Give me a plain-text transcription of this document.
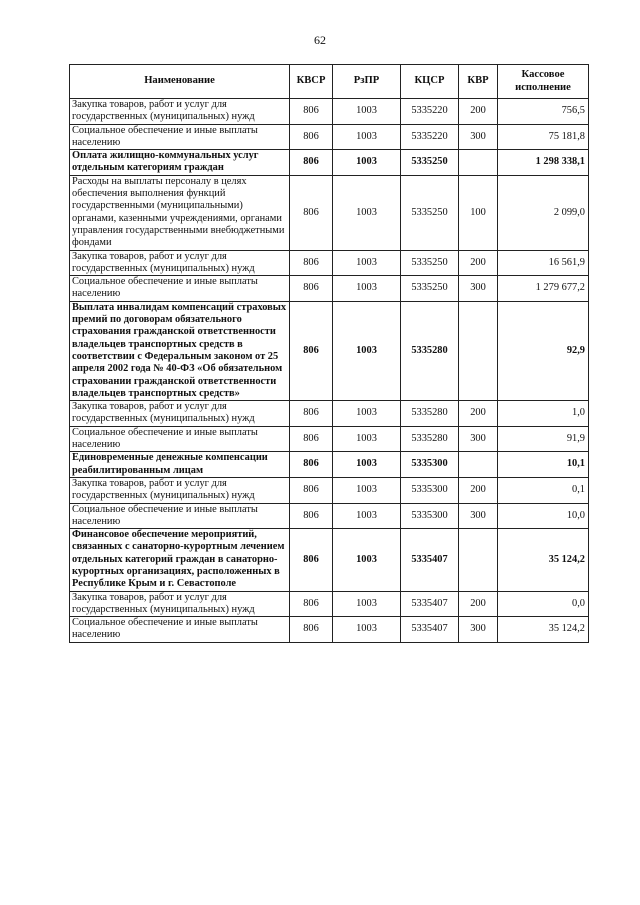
62
Наименование	КВСР	РзПР	КЦСР	КВР	Кассовое исполнение
Закупка товаров, работ и услуг для государственных (муниципальных) нужд	806	1003	5335220	200	756,5
Социальное обеспечение и иные выплаты населению	806	1003	5335220	300	75 181,8
Оплата жилищно-коммунальных услуг отдельным категориям граждан	806	1003	5335250		1 298 338,1
Расходы на выплаты персоналу в целях обеспечения выполнения функций государственными (муниципальными) органами, казенными учреждениями, органами управления государственными внебюджетными фондами	806	1003	5335250	100	2 099,0
Закупка товаров, работ и услуг для государственных (муниципальных) нужд	806	1003	5335250	200	16 561,9
Социальное обеспечение и иные выплаты населению	806	1003	5335250	300	1 279 677,2
Выплата инвалидам компенсаций страховых премий по договорам обязательного страхования гражданской ответственности владельцев транспортных средств в соответствии с Федеральным законом от 25 апреля 2002 года № 40-ФЗ «Об обязательном страховании гражданской ответственности владельцев транспортных средств»	806	1003	5335280		92,9
Закупка товаров, работ и услуг для государственных (муниципальных) нужд	806	1003	5335280	200	1,0
Социальное обеспечение и иные выплаты населению	806	1003	5335280	300	91,9
Единовременные денежные компенсации реабилитированным лицам	806	1003	5335300		10,1
Закупка товаров, работ и услуг для государственных (муниципальных) нужд	806	1003	5335300	200	0,1
Социальное обеспечение и иные выплаты населению	806	1003	5335300	300	10,0
Финансовое обеспечение мероприятий, связанных с санаторно-курортным лечением отдельных категорий граждан в санаторно-курортных организациях, расположенных в Республике Крым и г. Севастополе	806	1003	5335407		35 124,2
Закупка товаров, работ и услуг для государственных (муниципальных) нужд	806	1003	5335407	200	0,0
Социальное обеспечение и иные выплаты населению	806	1003	5335407	300	35 124,2
